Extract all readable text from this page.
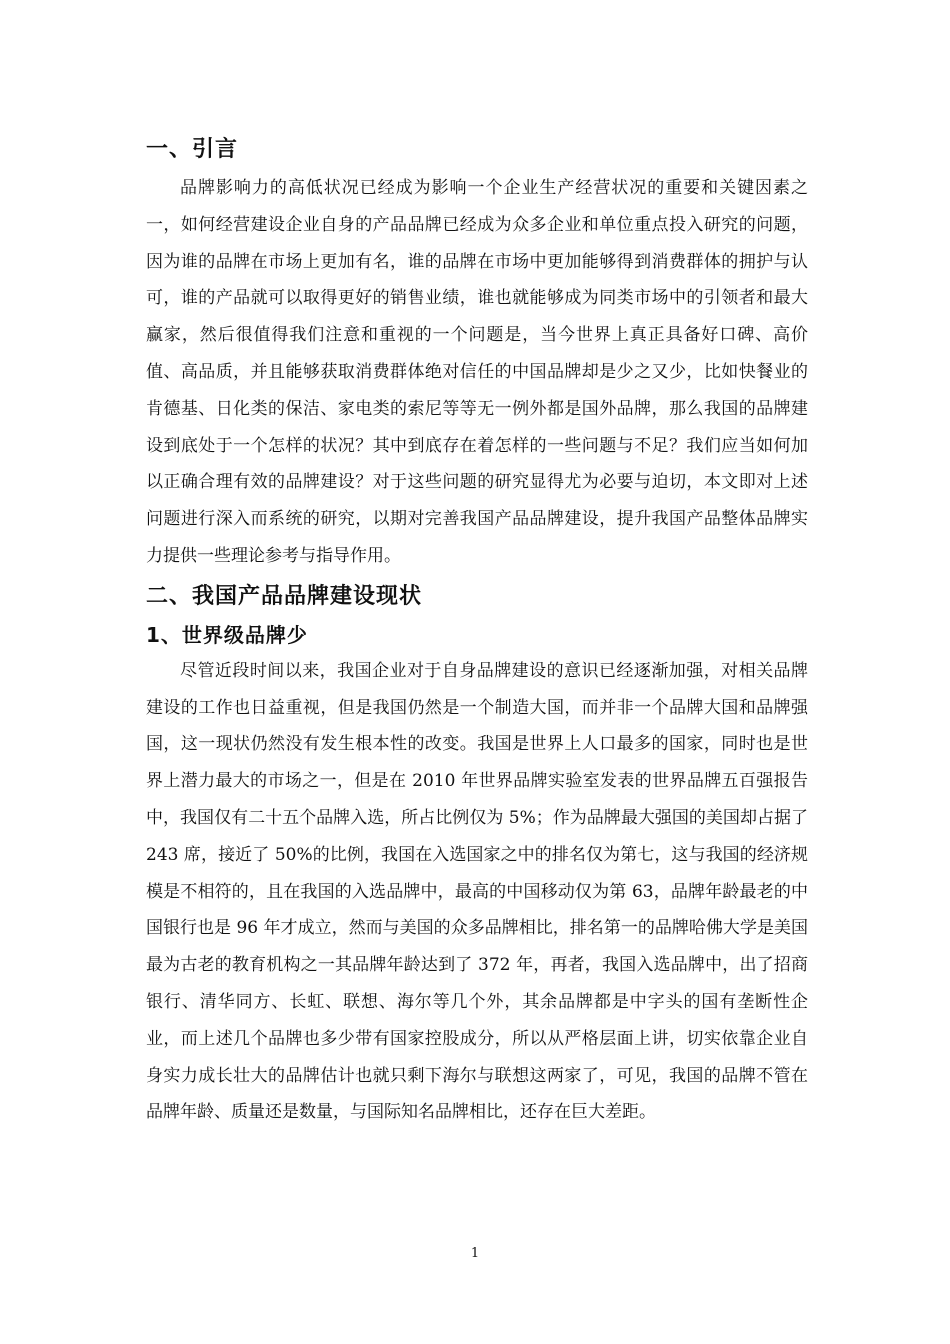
一、引言

品牌影响力的高低状况已经成为影响一个企业生产经营状况的重要和关键因素之一，如何经营建设企业自身的产品品牌已经成为众多企业和单位重点投入研究的问题，因为谁的品牌在市场上更加有名，谁的品牌在市场中更加能够得到消费群体的拥护与认可，谁的产品就可以取得更好的销售业绩，谁也就能够成为同类市场中的引领者和最大赢家，然后很值得我们注意和重视的一个问题是，当今世界上真正具备好口碑、高价值、高品质，并且能够获取消费群体绝对信任的中国品牌却是少之又少，比如快餐业的肯德基、日化类的保洁、家电类的索尼等等无一例外都是国外品牌，那么我国的品牌建设到底处于一个怎样的状况？其中到底存在着怎样的一些问题与不足？我们应当如何加以正确合理有效的品牌建设？对于这些问题的研究显得尤为必要与迫切，本文即对上述问题进行深入而系统的研究，以期对完善我国产品品牌建设，提升我国产品整体品牌实力提供一些理论参考与指导作用。

二、我国产品品牌建设现状
1、世界级品牌少

尽管近段时间以来，我国企业对于自身品牌建设的意识已经逐渐加强，对相关品牌建设的工作也日益重视，但是我国仍然是一个制造大国，而并非一个品牌大国和品牌强国，这一现状仍然没有发生根本性的改变。我国是世界上人口最多的国家，同时也是世界上潜力最大的市场之一，但是在 2010 年世界品牌实验室发表的世界品牌五百强报告中，我国仅有二十五个品牌入选，所占比例仅为 5%；作为品牌最大强国的美国却占据了 243 席，接近了 50%的比例，我国在入选国家之中的排名仅为第七，这与我国的经济规模是不相符的，且在我国的入选品牌中，最高的中国移动仅为第 63，品牌年龄最老的中国银行也是 96 年才成立，然而与美国的众多品牌相比，排名第一的品牌哈佛大学是美国最为古老的教育机构之一其品牌年龄达到了 372 年，再者，我国入选品牌中，出了招商银行、清华同方、长虹、联想、海尔等几个外，其余品牌都是中字头的国有垄断性企业，而上述几个品牌也多少带有国家控股成分，所以从严格层面上讲，切实依靠企业自身实力成长壮大的品牌估计也就只剩下海尔与联想这两家了，可见，我国的品牌不管在品牌年龄、质量还是数量，与国际知名品牌相比，还存在巨大差距。

1
